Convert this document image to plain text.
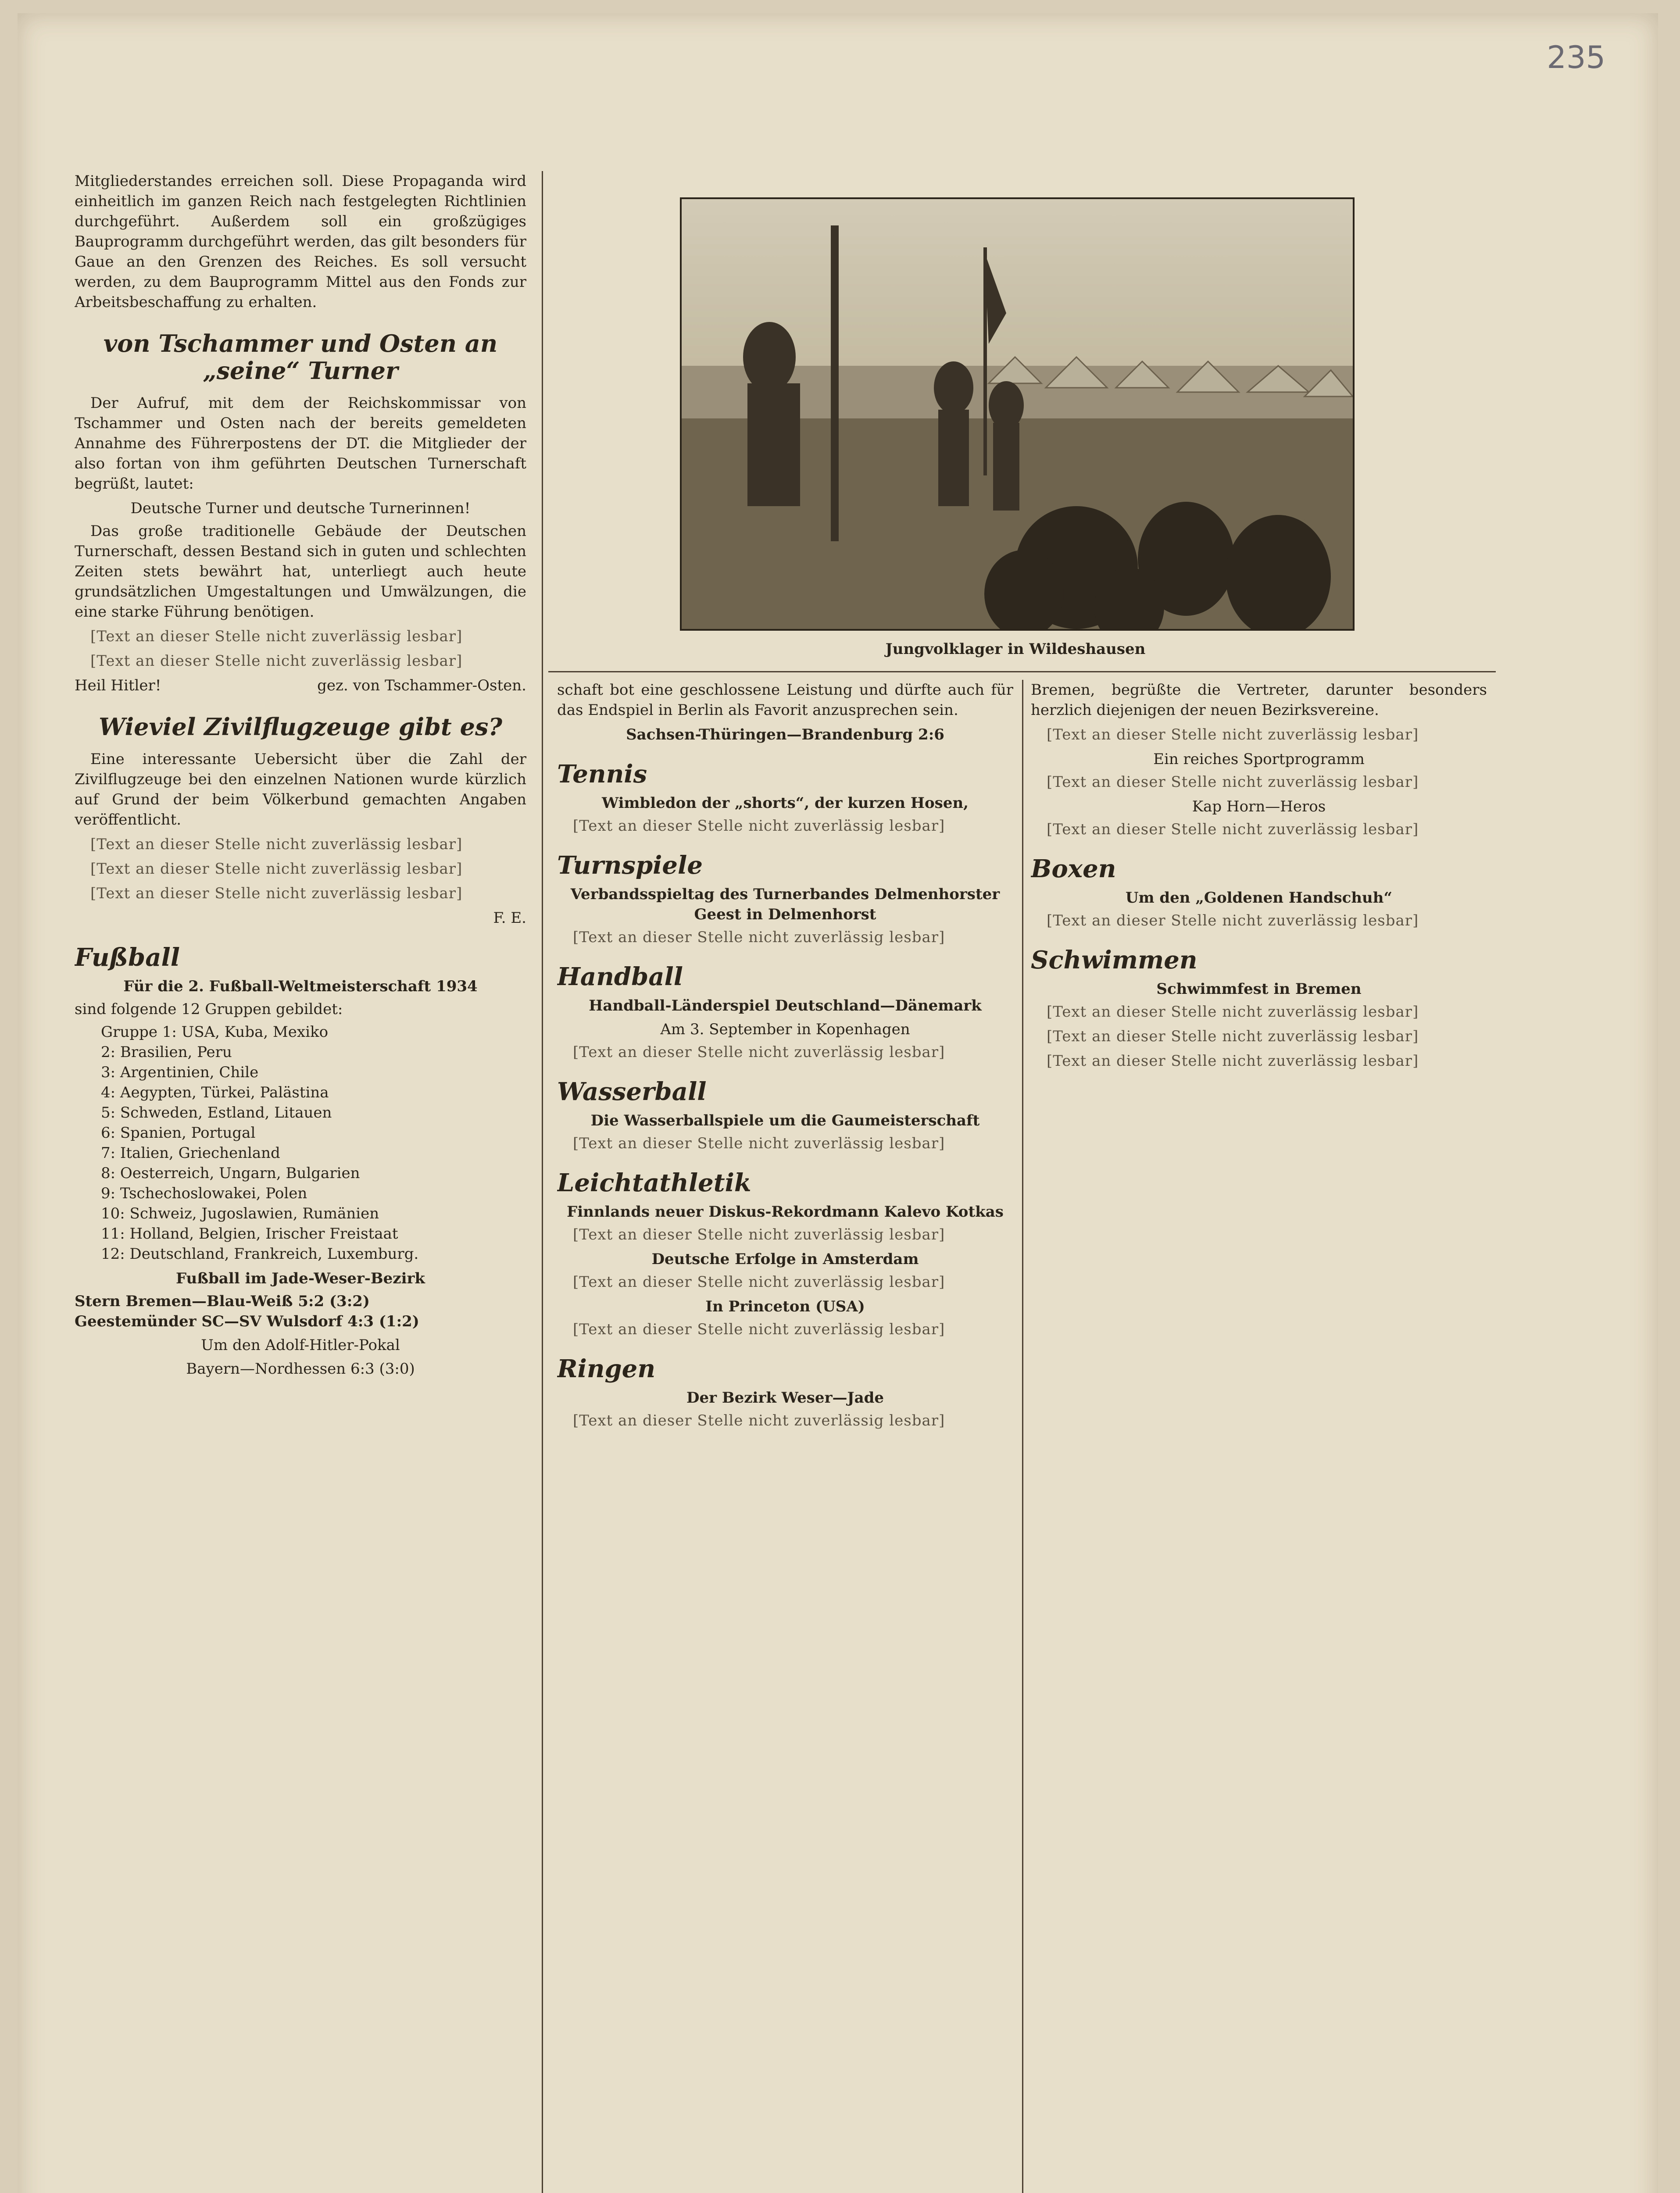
235
Jungvolklager in Wildeshausen

Mitgliederstandes erreichen soll. Diese Propaganda wird einheitlich im ganzen Reich nach festgelegten Richtlinien durchgeführt. Außerdem soll ein großzügiges Bauprogramm durchgeführt werden, das gilt besonders für Gaue an den Grenzen des Reiches. Es soll versucht werden, zu dem Bauprogramm Mittel aus den Fonds zur Arbeitsbeschaffung zu erhalten.

von Tschammer und Osten an „seine“ Turner

Der Aufruf, mit dem der Reichskommissar von Tschammer und Osten nach der bereits gemeldeten Annahme des Führerpostens der DT. die Mitglieder der also fortan von ihm geführten Deutschen Turnerschaft begrüßt, lautet:

Deutsche Turner und deutsche Turnerinnen!

Das große traditionelle Gebäude der Deutschen Turnerschaft, dessen Bestand sich in guten und schlechten Zeiten stets bewährt hat, unterliegt auch heute grundsätzlichen Umgestaltungen und Umwälzungen, die eine starke Führung benötigen.

[Text an dieser Stelle nicht zuverlässig lesbar]

[Text an dieser Stelle nicht zuverlässig lesbar]

Heil Hitler!	gez. von Tschammer-Osten.
Wieviel Zivilflugzeuge gibt es?

Eine interessante Uebersicht über die Zahl der Zivilflugzeuge bei den einzelnen Nationen wurde kürzlich auf Grund der beim Völkerbund gemachten Angaben veröffentlicht.

[Text an dieser Stelle nicht zuverlässig lesbar]

[Text an dieser Stelle nicht zuverlässig lesbar]

[Text an dieser Stelle nicht zuverlässig lesbar]

F. E.
Fußball
Für die 2. Fußball-Weltmeisterschaft 1934
sind folgende 12 Gruppen gebildet:
Gruppe 1: USA, Kuba, Mexiko
2: Brasilien, Peru
3: Argentinien, Chile
4: Aegypten, Türkei, Palästina
5: Schweden, Estland, Litauen
6: Spanien, Portugal
7: Italien, Griechenland
8: Oesterreich, Ungarn, Bulgarien
9: Tschechoslowakei, Polen
10: Schweiz, Jugoslawien, Rumänien
11: Holland, Belgien, Irischer Freistaat
12: Deutschland, Frankreich, Luxemburg.
Fußball im Jade-Weser-Bezirk
Stern Bremen—Blau-Weiß 5:2 (3:2)
Geestemünder SC—SV Wulsdorf 4:3 (1:2)
Um den Adolf-Hitler-Pokal
Bayern—Nordhessen 6:3 (3:0)

schaft bot eine geschlossene Leistung und dürfte auch für das Endspiel in Berlin als Favorit anzusprechen sein.

Sachsen-Thüringen—Brandenburg 2:6
Tennis
Wimbledon der „shorts“, der kurzen Hosen,

[Text an dieser Stelle nicht zuverlässig lesbar]

Turnspiele
Verbandsspieltag des Turnerbandes Delmenhorster Geest in Delmenhorst

[Text an dieser Stelle nicht zuverlässig lesbar]

Handball
Handball-Länderspiel Deutschland—Dänemark
Am 3. September in Kopenhagen

[Text an dieser Stelle nicht zuverlässig lesbar]

Wasserball
Die Wasserballspiele um die Gaumeisterschaft

[Text an dieser Stelle nicht zuverlässig lesbar]

Leichtathletik
Finnlands neuer Diskus-Rekordmann Kalevo Kotkas

[Text an dieser Stelle nicht zuverlässig lesbar]

Deutsche Erfolge in Amsterdam

[Text an dieser Stelle nicht zuverlässig lesbar]

In Princeton (USA)

[Text an dieser Stelle nicht zuverlässig lesbar]

Ringen
Der Bezirk Weser—Jade

[Text an dieser Stelle nicht zuverlässig lesbar]

Bremen, begrüßte die Vertreter, darunter besonders herzlich diejenigen der neuen Bezirksvereine.

[Text an dieser Stelle nicht zuverlässig lesbar]

Ein reiches Sportprogramm

[Text an dieser Stelle nicht zuverlässig lesbar]

Kap Horn—Heros

[Text an dieser Stelle nicht zuverlässig lesbar]

Boxen
Um den „Goldenen Handschuh“

[Text an dieser Stelle nicht zuverlässig lesbar]

Schwimmen
Schwimmfest in Bremen

[Text an dieser Stelle nicht zuverlässig lesbar]

[Text an dieser Stelle nicht zuverlässig lesbar]

[Text an dieser Stelle nicht zuverlässig lesbar]
